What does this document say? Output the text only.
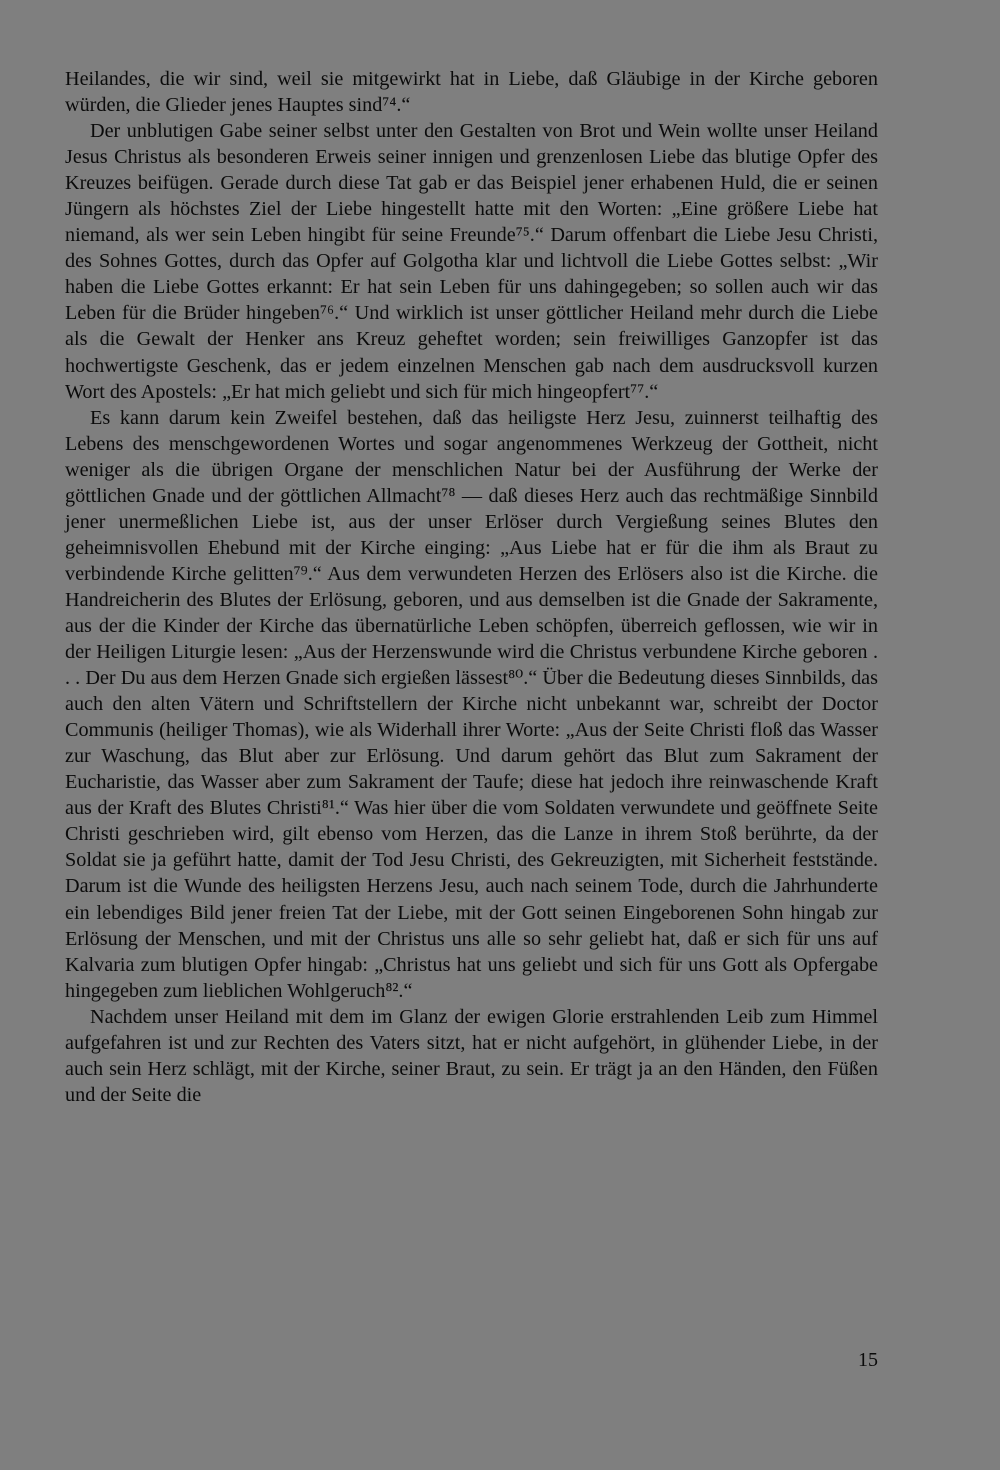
Heilandes, die wir sind, weil sie mitgewirkt hat in Liebe, daß Gläubige in der Kirche geboren würden, die Glieder jenes Hauptes sind⁷⁴.“

Der unblutigen Gabe seiner selbst unter den Gestalten von Brot und Wein wollte unser Heiland Jesus Christus als besonderen Erweis seiner innigen und grenzenlosen Liebe das blutige Opfer des Kreuzes beifügen. Gerade durch diese Tat gab er das Beispiel jener erhabenen Huld, die er seinen Jüngern als höchstes Ziel der Liebe hingestellt hatte mit den Worten: „Eine größere Liebe hat niemand, als wer sein Leben hingibt für seine Freunde⁷⁵.“ Darum offenbart die Liebe Jesu Christi, des Sohnes Gottes, durch das Opfer auf Golgotha klar und lichtvoll die Liebe Gottes selbst: „Wir haben die Liebe Gottes erkannt: Er hat sein Leben für uns dahingegeben; so sollen auch wir das Leben für die Brüder hingeben⁷⁶.“ Und wirklich ist unser göttlicher Heiland mehr durch die Liebe als die Gewalt der Henker ans Kreuz geheftet worden; sein freiwilliges Ganzopfer ist das hochwertigste Geschenk, das er jedem einzelnen Menschen gab nach dem ausdrucksvoll kurzen Wort des Apostels: „Er hat mich geliebt und sich für mich hingeopfert⁷⁷.“

Es kann darum kein Zweifel bestehen, daß das heiligste Herz Jesu, zuinnerst teilhaftig des Lebens des menschgewordenen Wortes und sogar angenommenes Werkzeug der Gottheit, nicht weniger als die übrigen Organe der menschlichen Natur bei der Ausführung der Werke der göttlichen Gnade und der göttlichen Allmacht⁷⁸ — daß dieses Herz auch das rechtmäßige Sinnbild jener unermeßlichen Liebe ist, aus der unser Erlöser durch Vergießung seines Blutes den geheimnisvollen Ehebund mit der Kirche einging: „Aus Liebe hat er für die ihm als Braut zu verbindende Kirche gelitten⁷⁹.“ Aus dem verwundeten Herzen des Erlösers also ist die Kirche. die Handreicherin des Blutes der Erlösung, geboren, und aus demselben ist die Gnade der Sakramente, aus der die Kinder der Kirche das übernatürliche Leben schöpfen, überreich geflossen, wie wir in der Heiligen Liturgie lesen: „Aus der Herzenswunde wird die Christus verbundene Kirche geboren . . . Der Du aus dem Herzen Gnade sich ergießen lässest⁸⁰.“ Über die Bedeutung dieses Sinnbilds, das auch den alten Vätern und Schriftstellern der Kirche nicht unbekannt war, schreibt der Doctor Communis (heiliger Thomas), wie als Widerhall ihrer Worte: „Aus der Seite Christi floß das Wasser zur Waschung, das Blut aber zur Erlösung. Und darum gehört das Blut zum Sakrament der Eucharistie, das Wasser aber zum Sakrament der Taufe; diese hat jedoch ihre reinwaschende Kraft aus der Kraft des Blutes Christi⁸¹.“ Was hier über die vom Soldaten verwundete und geöffnete Seite Christi geschrieben wird, gilt ebenso vom Herzen, das die Lanze in ihrem Stoß berührte, da der Soldat sie ja geführt hatte, damit der Tod Jesu Christi, des Gekreuzigten, mit Sicherheit feststände. Darum ist die Wunde des heiligsten Herzens Jesu, auch nach seinem Tode, durch die Jahrhunderte ein lebendiges Bild jener freien Tat der Liebe, mit der Gott seinen Eingeborenen Sohn hingab zur Erlösung der Menschen, und mit der Christus uns alle so sehr geliebt hat, daß er sich für uns auf Kalvaria zum blutigen Opfer hingab: „Christus hat uns geliebt und sich für uns Gott als Opfergabe hingegeben zum lieblichen Wohlgeruch⁸².“

Nachdem unser Heiland mit dem im Glanz der ewigen Glorie erstrahlenden Leib zum Himmel aufgefahren ist und zur Rechten des Vaters sitzt, hat er nicht aufgehört, in glühender Liebe, in der auch sein Herz schlägt, mit der Kirche, seiner Braut, zu sein. Er trägt ja an den Händen, den Füßen und der Seite die

15
